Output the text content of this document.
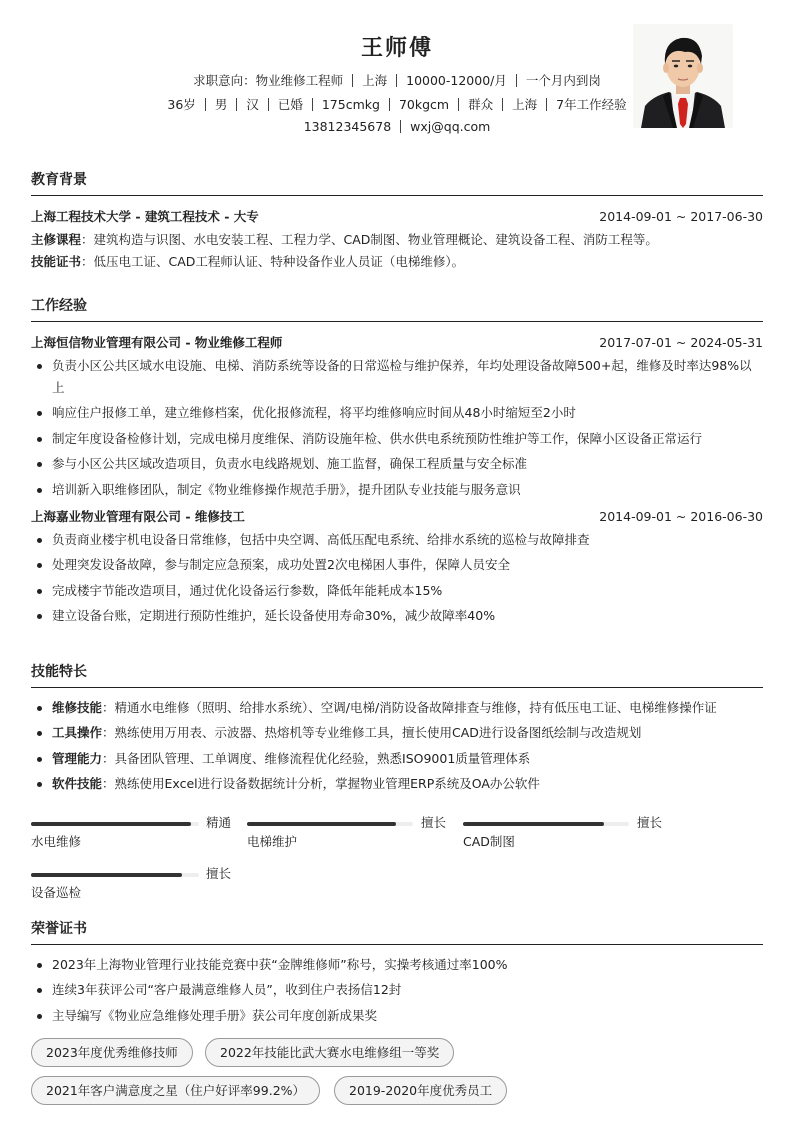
王师傅
求职意向：物业维修工程师 上海 10000-12000/月 一个月内到岗
36岁 男 汉 已婚 175cmkg 70kgcm 群众 上海 7年工作经验
13812345678 wxj@qq.com
教育背景
上海工程技术大学 - 建筑工程技术 - 大专	2014-09-01 ~ 2017-06-30
主修课程：建筑构造与识图、水电安装工程、工程力学、CAD制图、物业管理概论、建筑设备工程、消防工程等。
技能证书：低压电工证、CAD工程师认证、特种设备作业人员证（电梯维修）。
工作经验
上海恒信物业管理有限公司 - 物业维修工程师	2017-07-01 ~ 2024-05-31
负责小区公共区域水电设施、电梯、消防系统等设备的日常巡检与维护保养，年均处理设备故障500+起，维修及时率达98%以上
响应住户报修工单，建立维修档案，优化报修流程，将平均维修响应时间从48小时缩短至2小时
制定年度设备检修计划，完成电梯月度维保、消防设施年检、供水供电系统预防性维护等工作，保障小区设备正常运行
参与小区公共区域改造项目，负责水电线路规划、施工监督，确保工程质量与安全标准
培训新入职维修团队，制定《物业维修操作规范手册》，提升团队专业技能与服务意识
上海嘉业物业管理有限公司 - 维修技工	2014-09-01 ~ 2016-06-30
负责商业楼宇机电设备日常维修，包括中央空调、高低压配电系统、给排水系统的巡检与故障排查
处理突发设备故障，参与制定应急预案，成功处置2次电梯困人事件，保障人员安全
完成楼宇节能改造项目，通过优化设备运行参数，降低年能耗成本15%
建立设备台账，定期进行预防性维护，延长设备使用寿命30%，减少故障率40%
技能特长
维修技能：精通水电维修（照明、给排水系统）、空调/电梯/消防设备故障排查与维修，持有低压电工证、电梯维修操作证
工具操作：熟练使用万用表、示波器、热熔机等专业维修工具，擅长使用CAD进行设备图纸绘制与改造规划
管理能力：具备团队管理、工单调度、维修流程优化经验，熟悉ISO9001质量管理体系
软件技能：熟练使用Excel进行设备数据统计分析，掌握物业管理ERP系统及OA办公软件
精通
水电维修
擅长
电梯维护
擅长
CAD制图
擅长
设备巡检
荣誉证书
2023年上海物业管理行业技能竞赛中获“金牌维修师”称号，实操考核通过率100%
连续3年获评公司“客户最满意维修人员”，收到住户表扬信12封
主导编写《物业应急维修处理手册》获公司年度创新成果奖
2023年度优秀维修技师	2022年技能比武大赛水电维修组一等奖
2021年客户满意度之星（住户好评率99.2%）	2019-2020年度优秀员工
